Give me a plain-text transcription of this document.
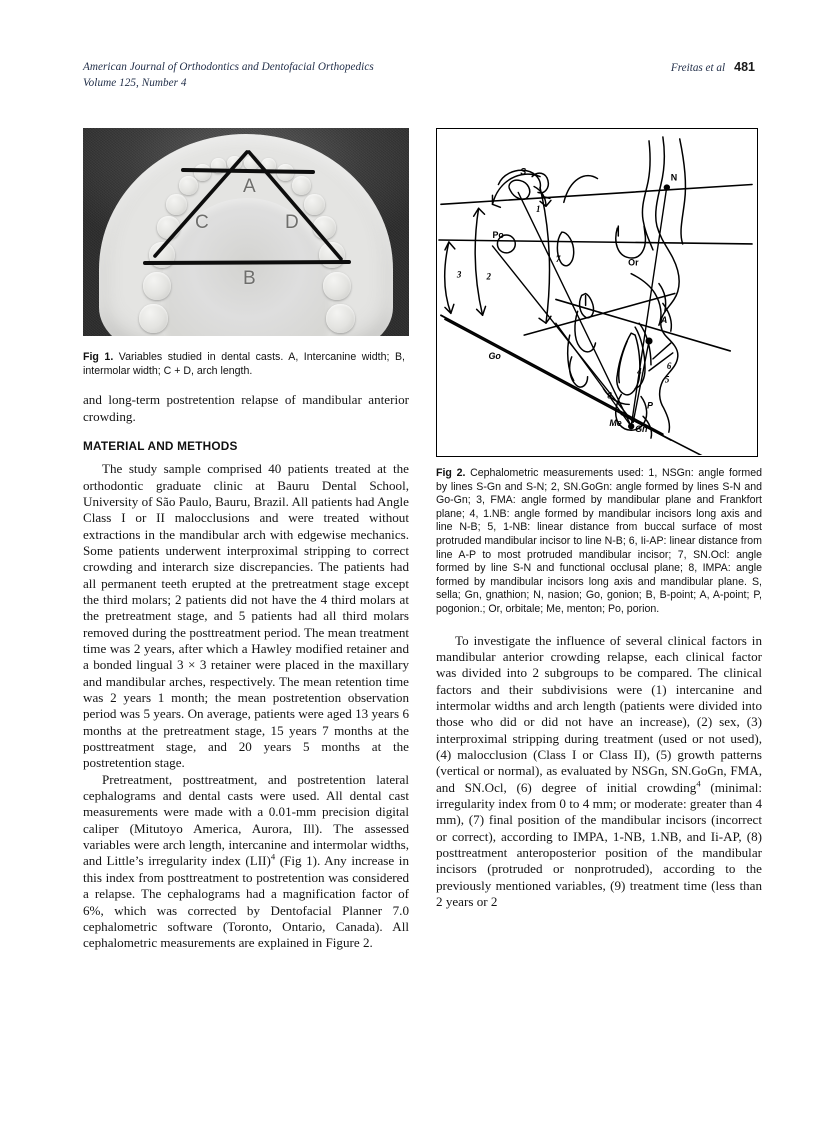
American Journal of Orthodontics and Dentofacial Orthopedics
Volume 125, Number 4
Freitas et al 481
A
B
C	D
Fig 1. Variables studied in dental casts. A, Intercanine width; B, intermolar width; C + D, arch length.

and long-term postretention relapse of mandibular anterior crowding.

MATERIAL AND METHODS

The study sample comprised 40 patients treated at the orthodontic graduate clinic at Bauru Dental School, University of São Paulo, Bauru, Brazil. All patients had Angle Class I or II malocclusions and were treated without extractions in the mandibular arch with edgewise mechanics. Some patients underwent interproximal stripping to correct crowding and interarch size discrepancies. The patients had all permanent teeth erupted at the pretreatment stage except the third molars; 2 patients did not have the 4 third molars at the pretreatment stage, and 5 patients had all third molars removed during the posttreatment period. The mean treatment time was 2 years, after which a Hawley modified retainer and a bonded lingual 3 × 3 retainer were placed in the maxillary and mandibular arches, respectively. The mean retention time was 2 years 1 month; the mean postretention observation period was 5 years. On average, patients were aged 13 years 6 months at the pretreatment stage, 15 years 7 months at the posttreatment stage, and 20 years 5 months at the postretention stage.

Pretreatment, posttreatment, and postretention lateral cephalograms and dental casts were used. All dental cast measurements were made with a 0.01-mm precision digital caliper (Mitutoyo America, Aurora, Ill). The assessed variables were arch length, intercanine and intermolar widths, and Little’s irregularity index (LII)$^4$ (Fig 1). Any increase in this index from posttreatment to postretention was considered a relapse. The cephalograms had a magnification factor of 6%, which was corrected by Dentofacial Planner 7.0 cephalometric software (Toronto, Ontario, Canada). All cephalometric measurements are explained in Figure 2.

N
Or
Po
S
Go
A
P
Me
Gn
1
2
3
4
5
6
7
8
Fig 2. Cephalometric measurements used: 1, NSGn: angle formed by lines S-Gn and S-N; 2, SN.GoGn: angle formed by lines S-N and Go-Gn; 3, FMA: angle formed by mandibular plane and Frankfort plane; 4, 1.NB: angle formed by mandibular incisors long axis and line N-B; 5, 1-NB: linear distance from buccal surface of most protruded mandibular incisor to line N-B; 6, Ii-AP: linear distance from line A-P to most protruded mandibular incisor; 7, SN.Ocl: angle formed by line S-N and functional occlusal plane; 8, IMPA: angle formed by mandibular incisors long axis and mandibular plane. S, sella; Gn, gnathion; N, nasion; Go, gonion; B, B-point; A, A-point; P, pogonion.; Or, orbitale; Me, menton; Po, porion.

To investigate the influence of several clinical factors in mandibular anterior crowding relapse, each clinical factor was divided into 2 subgroups to be compared. The clinical factors and their subdivisions were (1) intercanine and intermolar widths and arch length (patients were divided into those who did or did not have an increase), (2) sex, (3) interproximal stripping during treatment (used or not used), (4) malocclusion (Class I or Class II), (5) growth patterns (vertical or normal), as evaluated by NSGn, SN.GoGn, FMA, and SN.Ocl, (6) degree of initial crowding$^4$ (minimal: irregularity index from 0 to 4 mm; or moderate: greater than 4 mm), (7) final position of the mandibular incisors (incorrect or correct), according to IMPA, 1-NB, 1.NB, and Ii-AP, (8) posttreatment anteroposterior position of the mandibular incisors (protruded or nonprotruded), according to the previously mentioned variables, (9) treatment time (less than 2 years or 2
